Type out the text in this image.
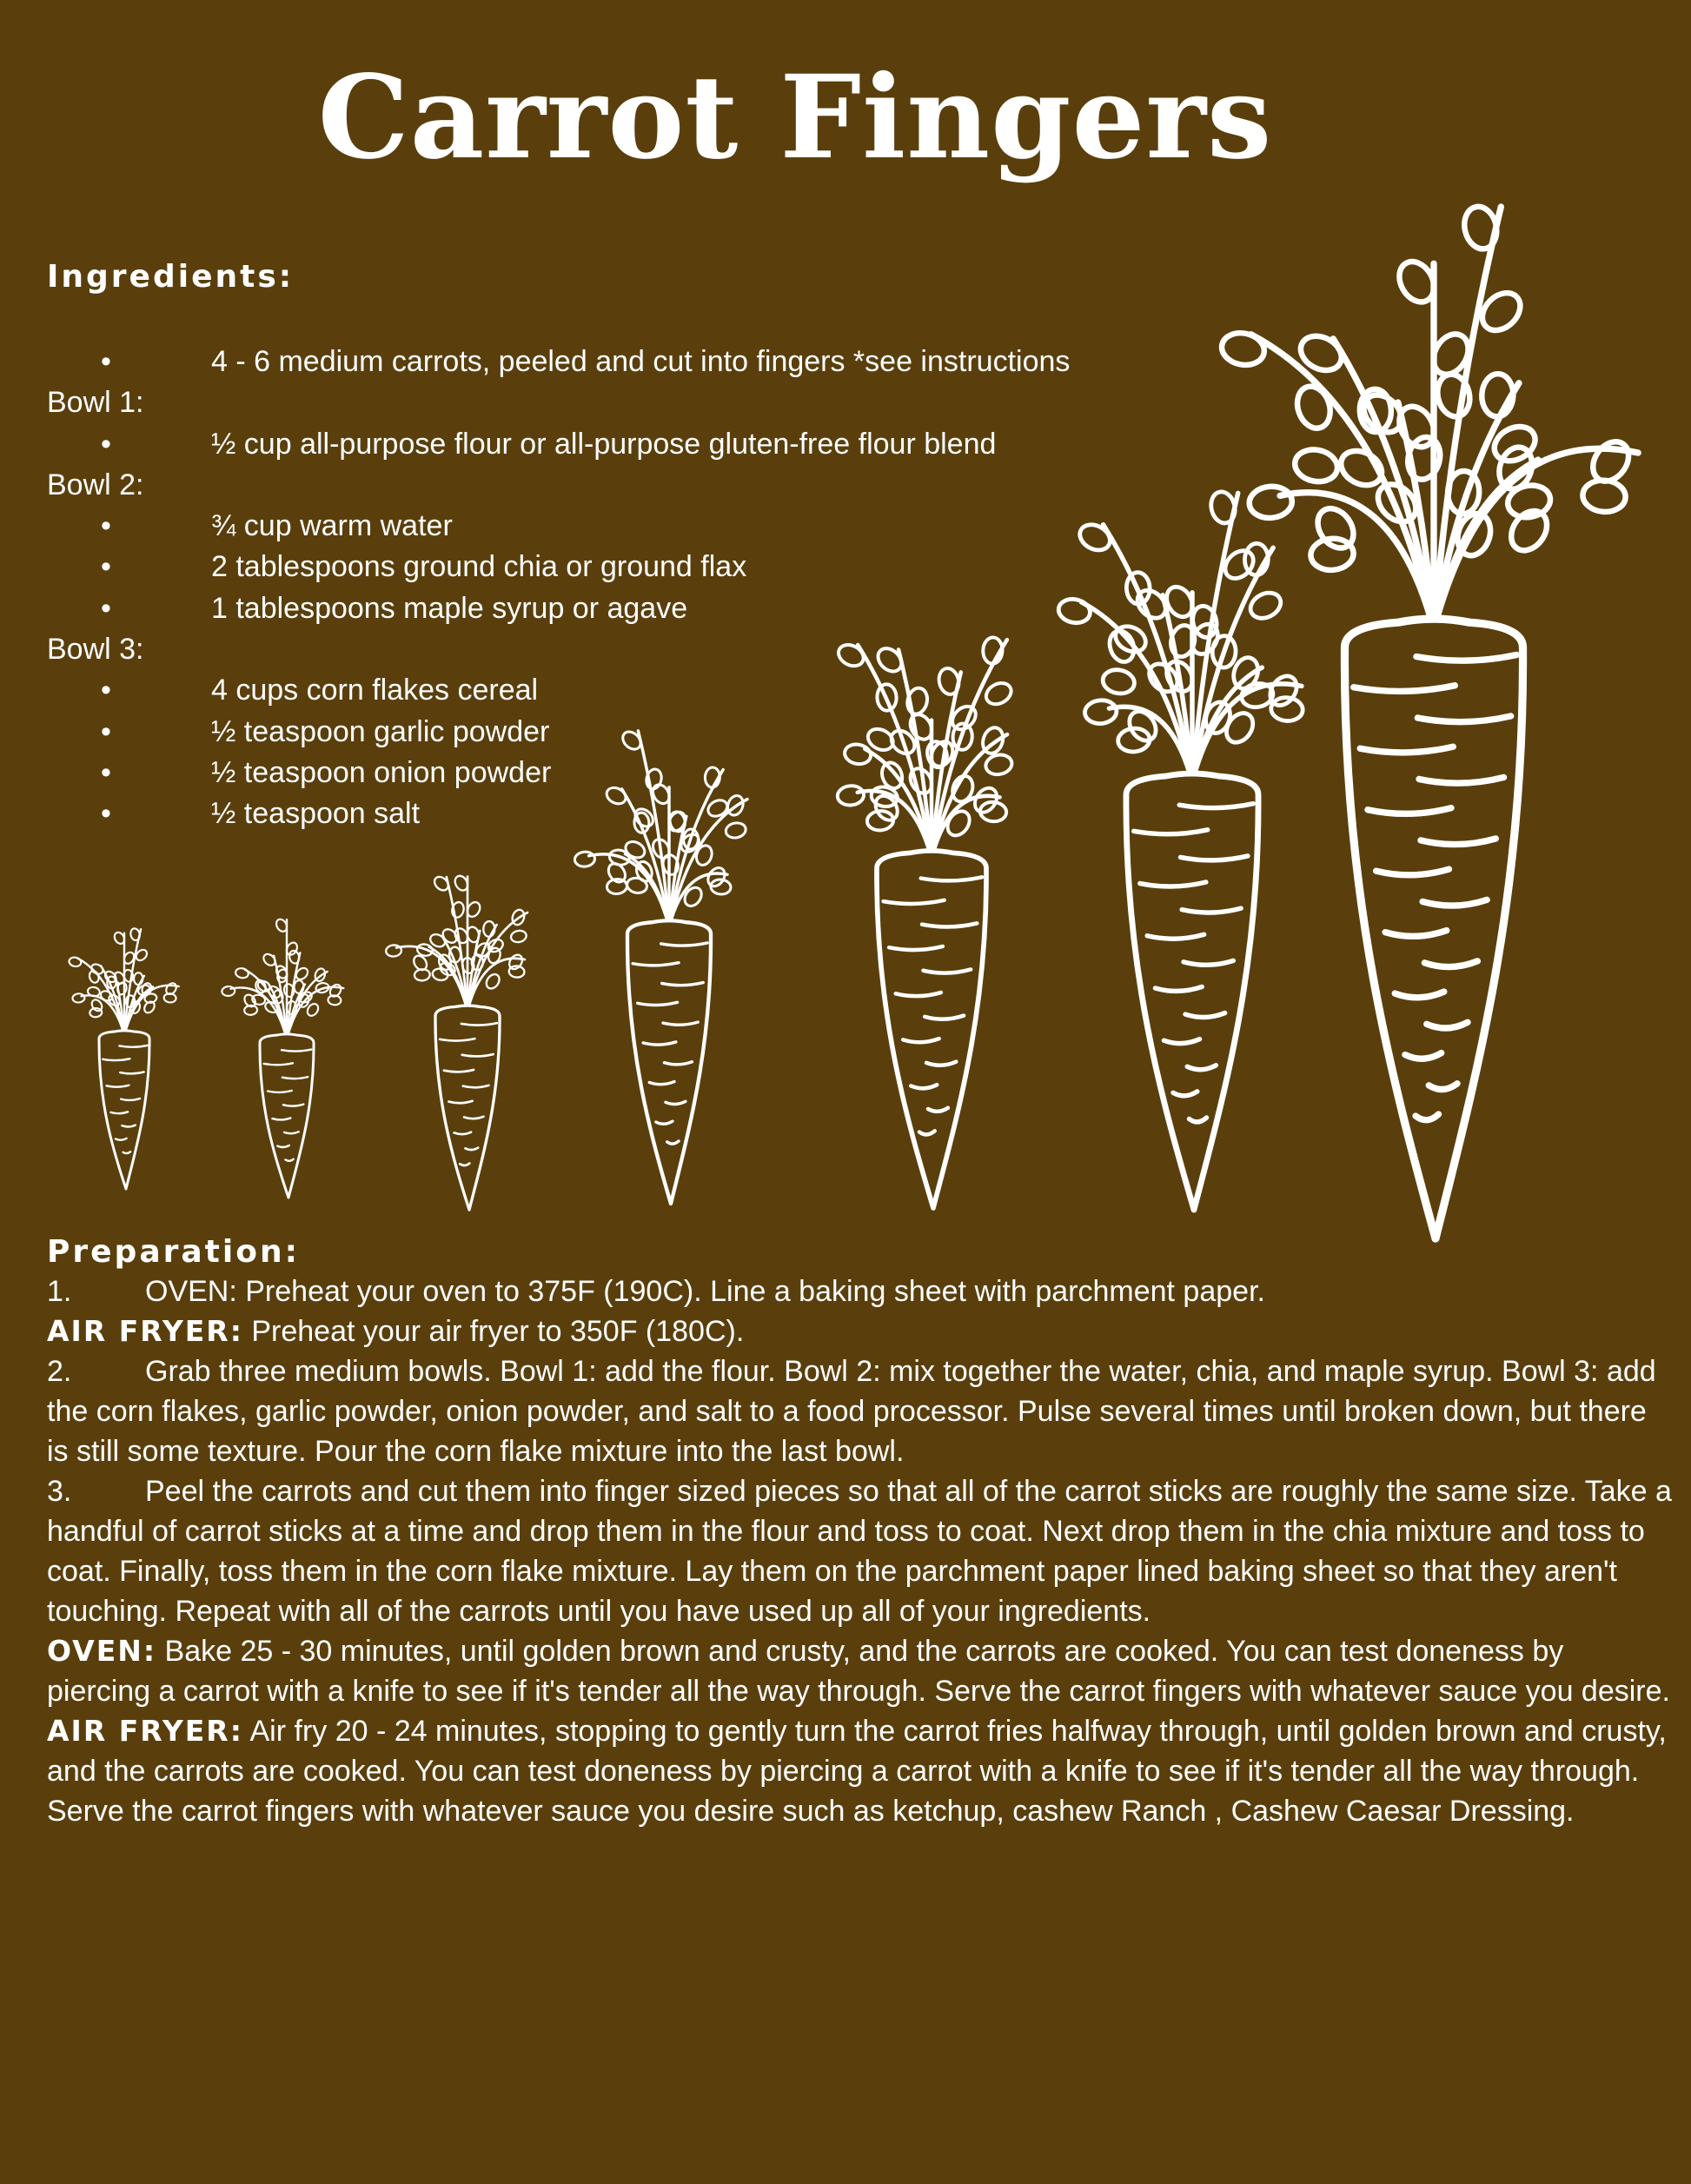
Carrot Fingers
Ingredients:
•	4 - 6 medium carrots, peeled and cut into fingers *see instructions
Bowl 1:
•	½ cup all-purpose flour or all-purpose gluten-free flour blend
Bowl 2:
•	¾ cup warm water
•	2 tablespoons ground chia or ground flax
•	1 tablespoons maple syrup or agave
Bowl 3:
•	4 cups corn flakes cereal
•	½ teaspoon garlic powder
•	½ teaspoon onion powder
•	½ teaspoon salt
Preparation:

1. OVEN: Preheat your oven to 375F (190C). Line a baking sheet with parchment paper.

AIR FRYER: Preheat your air fryer to 350F (180C).

2. Grab three medium bowls. Bowl 1: add the flour. Bowl 2: mix together the water, chia, and maple syrup. Bowl 3: add the corn flakes, garlic powder, onion powder, and salt to a food processor. Pulse several times until broken down, but there is still some texture. Pour the corn flake mixture into the last bowl.

3. Peel the carrots and cut them into finger sized pieces so that all of the carrot sticks are roughly the same size. Take a handful of carrot sticks at a time and drop them in the flour and toss to coat. Next drop them in the chia mixture and toss to coat. Finally, toss them in the corn flake mixture. Lay them on the parchment paper lined baking sheet so that they aren't touching. Repeat with all of the carrots until you have used up all of your ingredients.

OVEN: Bake 25 - 30 minutes, until golden brown and crusty, and the carrots are cooked. You can test doneness by piercing a carrot with a knife to see if it's tender all the way through. Serve the carrot fingers with whatever sauce you desire.

AIR FRYER: Air fry 20 - 24 minutes, stopping to gently turn the carrot fries halfway through, until golden brown and crusty, and the carrots are cooked. You can test doneness by piercing a carrot with a knife to see if it's tender all the way through.

Serve the carrot fingers with whatever sauce you desire such as ketchup, cashew Ranch , Cashew Caesar Dressing.
